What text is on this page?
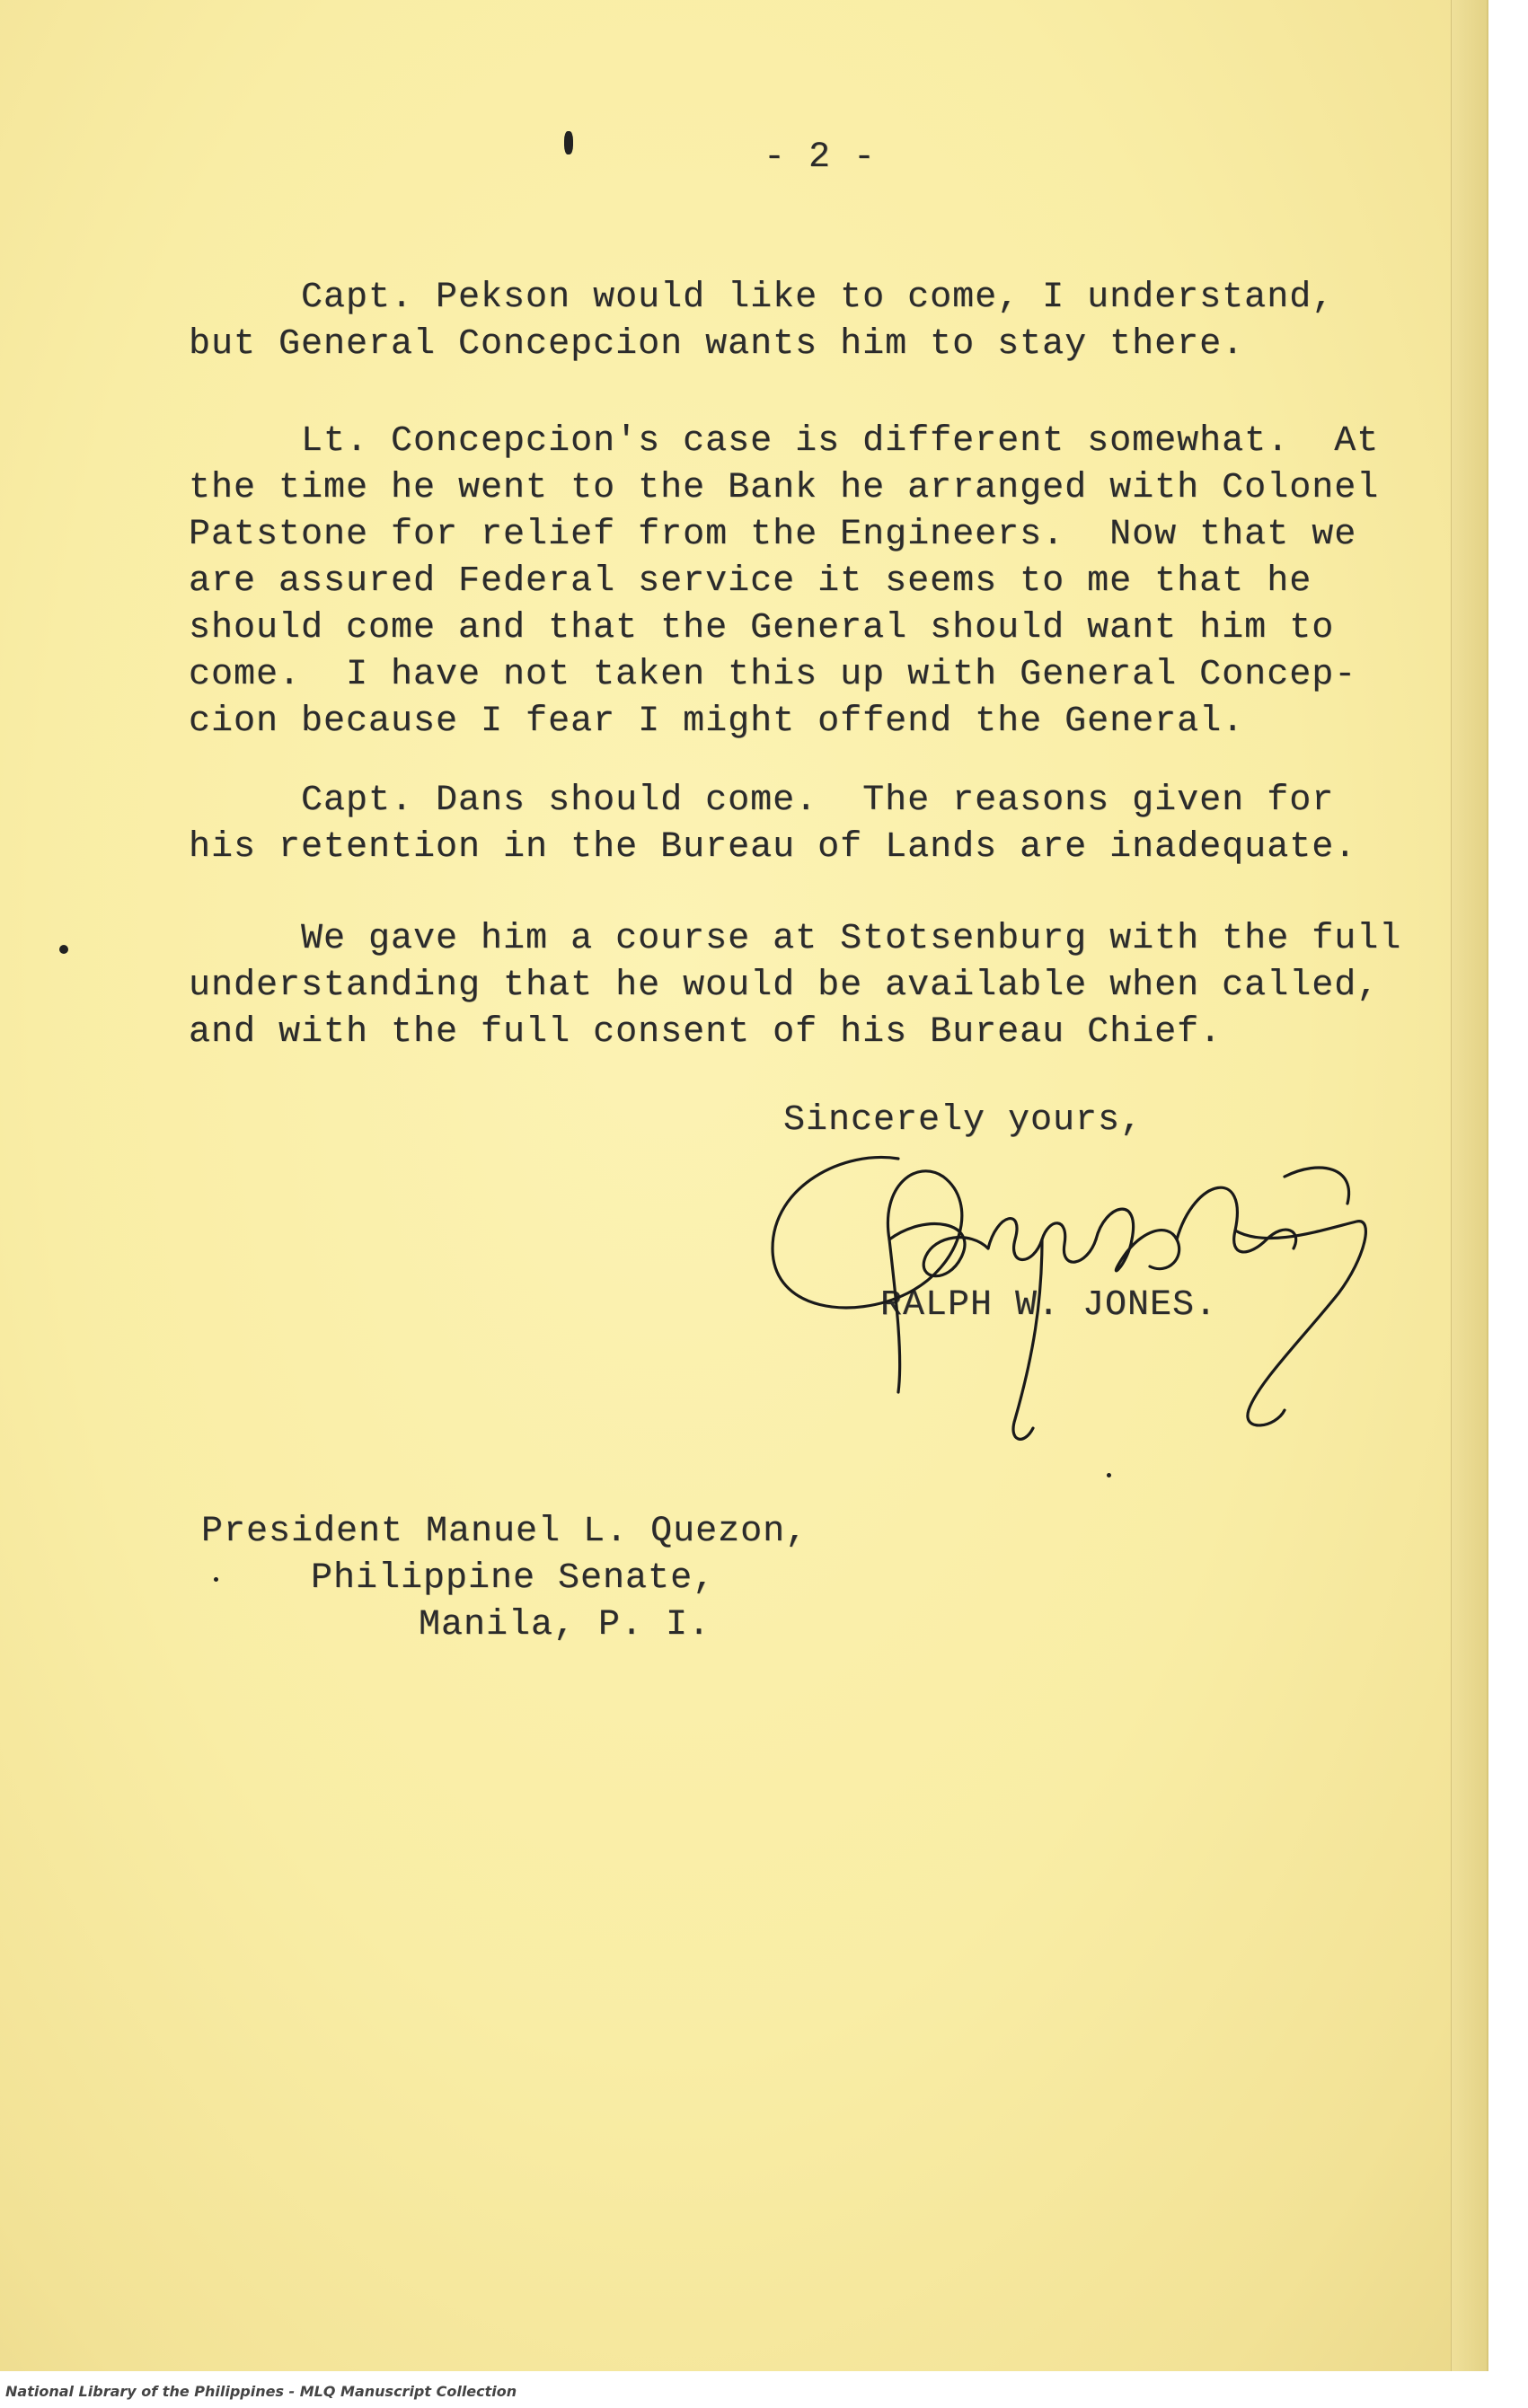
- 2 -
Capt. Pekson would like to come, I understand,
but General Concepcion wants him to stay there.
Lt. Concepcion's case is different somewhat.  At
the time he went to the Bank he arranged with Colonel
Patstone for relief from the Engineers.  Now that we
are assured Federal service it seems to me that he
should come and that the General should want him to
come.  I have not taken this up with General Concep-
cion because I fear I might offend the General.
Capt. Dans should come.  The reasons given for
his retention in the Bureau of Lands are inadequate.
We gave him a course at Stotsenburg with the full
understanding that he would be available when called,
and with the full consent of his Bureau Chief.
Sincerely yours,
RALPH W. JONES.
President Manuel L. Quezon,
Philippine Senate,
Manila, P. I.
National Library of the Philippines - MLQ Manuscript Collection
